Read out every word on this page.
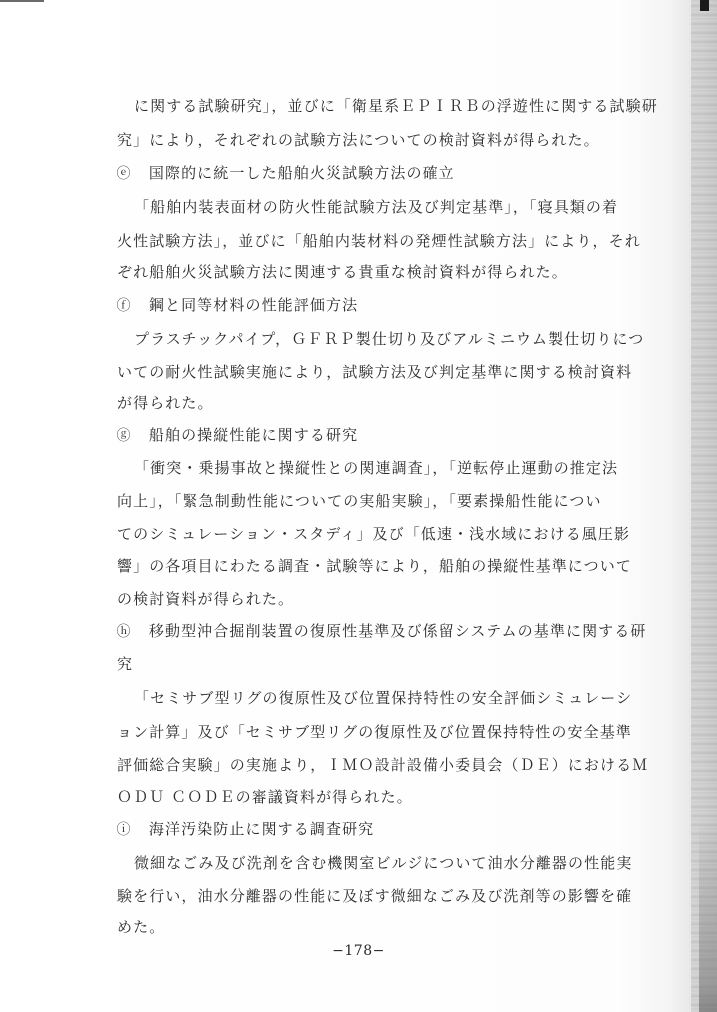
に関する試験研究」，並びに「衛星系ＥＰＩＲＢの浮遊性に関する試験研
究」により，それぞれの試験方法についての検討資料が得られた。
ⓔ 国際的に統一した船舶火災試験方法の確立
「船舶内装表面材の防火性能試験方法及び判定基準」，「寝具類の着
火性試験方法」，並びに「船舶内装材料の発煙性試験方法」により，それ
ぞれ船舶火災試験方法に関連する貴重な検討資料が得られた。
ⓕ 鋼と同等材料の性能評価方法
プラスチックパイプ，ＧＦＲＰ製仕切り及びアルミニウム製仕切りにつ
いての耐火性試験実施により，試験方法及び判定基準に関する検討資料
が得られた。
ⓖ 船舶の操縦性能に関する研究
「衝突・乗揚事故と操縦性との関連調査」，「逆転停止運動の推定法
向上」，「緊急制動性能についての実船実験」，「要素操船性能につい
てのシミュレーション・スタディ」及び「低速・浅水域における風圧影
響」の各項目にわたる調査・試験等により，船舶の操縦性基準について
の検討資料が得られた。
ⓗ 移動型沖合掘削装置の復原性基準及び係留システムの基準に関する研
究
「セミサブ型リグの復原性及び位置保持特性の安全評価シミュレーシ
ョン計算」及び「セミサブ型リグの復原性及び位置保持特性の安全基準
評価総合実験」の実施より，ＩＭＯ設計設備小委員会（ＤＥ）におけるＭ
ＯＤＵ ＣＯＤＥの審議資料が得られた。
ⓘ 海洋汚染防止に関する調査研究
微細なごみ及び洗剤を含む機関室ビルジについて油水分離器の性能実
験を行い，油水分離器の性能に及ぼす微細なごみ及び洗剤等の影響を確
めた。
−178−
